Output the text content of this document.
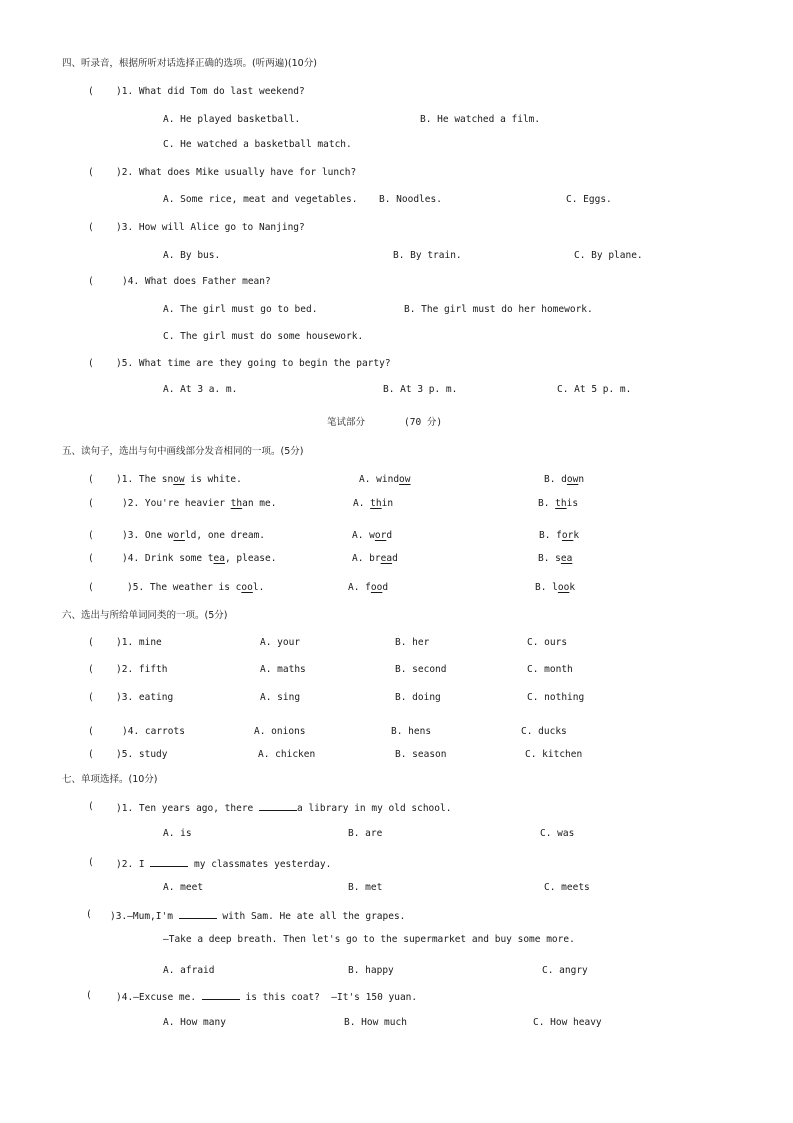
四、听录音，根据所听对话选择正确的选项。(听两遍)(10分)
( )1. What did Tom do last weekend?
A. He played basketball.	B. He watched a film.
C. He watched a basketball match.
( )2. What does Mike usually have for lunch?
A. Some rice, meat and vegetables. B. Noodles.	C. Eggs.
( )3. How will Alice go to Nanjing?
A. By bus.	B. By train.	C. By plane.
(	)4. What does Father mean?
A. The girl must go to bed.	B. The girl must do her homework.
C. The girl must do some housework.
( )5. What time are they going to begin the party?
A. At 3 a. m.	B. At 3 p. m.	C. At 5 p. m.
笔试部分	(70 分)
五、读句子，选出与句中画线部分发音相同的一项。(5分)
( )1. The snow is white.	A. window	B. down
(	)2. You're heavier than me.	A. thin	B. this
(	)3. One world, one dream.	A. word	B. fork
(	)4. Drink some tea, please.	A. bread	B. sea
(	)5. The weather is cool.	A. food	B. look
六、选出与所给单词同类的一项。(5分)
( )1. mine	A. your	B. her	C. ours
( )2. fifth	A. maths	B. second	C. month
( )3. eating	A. sing	B. doing	C. nothing
(	)4. carrots	A. onions	B. hens	C. ducks
( )5. study	A. chicken	B. season	C. kitchen
七、单项选择。(10分)
( )1. Ten years ago, there	a library in my old school.
A. is	B. are	C. was
( )2. I	my classmates yesterday.
A. meet	B. met	C. meets
( )3.—Mum,I'm	with Sam. He ate all the grapes.
—Take a deep breath. Then let's go to the supermarket and buy some more.
A. afraid	B. happy	C. angry
(	)4.—Excuse me.	is this coat?  —It's 150 yuan.
A. How many	B. How much	C. How heavy
